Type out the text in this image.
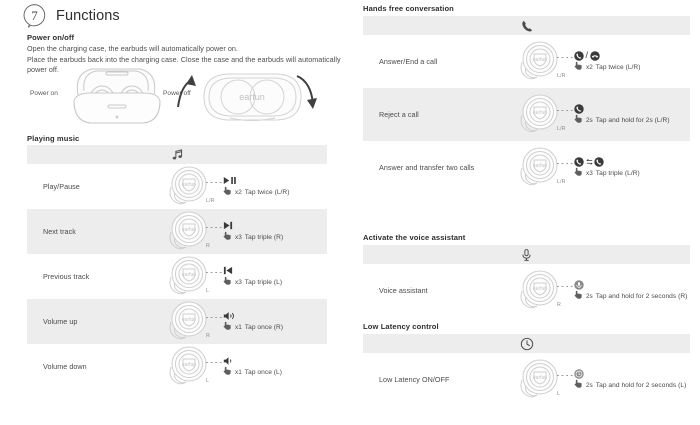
7	Functions
Power on/off
Open the charging case, the earbuds will automatically power on.
Place the earbuds back into the charging case. Close the case and the earbuds will automatically power off.
Power on	Power off	earfun
Playing music
Play/Pause	earfun
L/R
x2 Tap twice (L/R)
Next track	earfun
R
x3 Tap triple (R)
Previous track	earfun
L
x3 Tap triple (L)
Volume up	earfun
R
x1 Tap once (R)
Volume down	earfun
L
x1 Tap once (L)
Hands free conversation
Answer/End a call	earfun
L/R
/
x2 Tap twice (L/R)
Reject a call	earfun
L/R
2s Tap and hold for 2s (L/R)
Answer and transfer two calls	earfun
L/R
x3 Tap triple (L/R)
Activate the voice assistant
Voice assistant	earfun
R
2s Tap and hold for 2 seconds (R)
Low Latency control
Low Latency ON/OFF	earfun
L
2s Tap and hold for 2 seconds (L)
